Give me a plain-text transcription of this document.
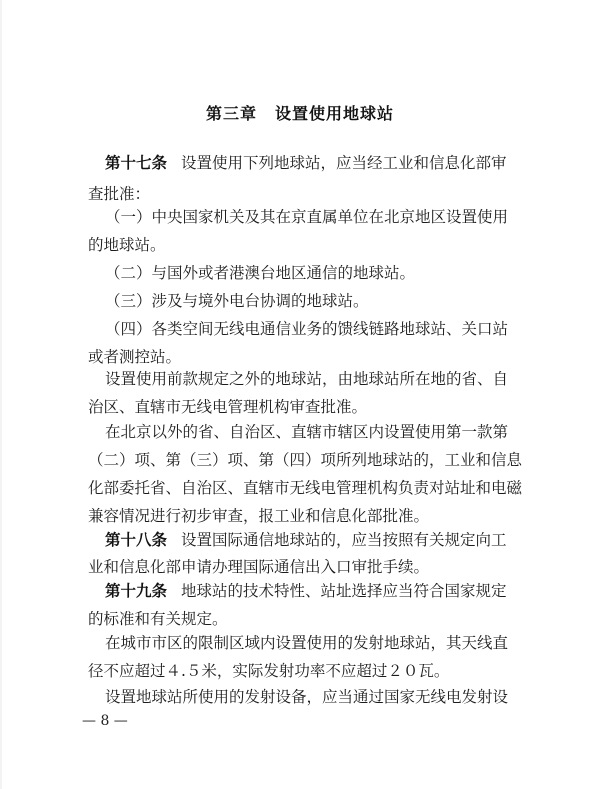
第三章 设置使用地球站
第十七条 设置使用下列地球站，应当经工业和信息化部审
查批准：
（一）中央国家机关及其在京直属单位在北京地区设置使用
的地球站。
（二）与国外或者港澳台地区通信的地球站。
（三）涉及与境外电台协调的地球站。
（四）各类空间无线电通信业务的馈线链路地球站、关口站
或者测控站。
设置使用前款规定之外的地球站，由地球站所在地的省、自
治区、直辖市无线电管理机构审查批准。
在北京以外的省、自治区、直辖市辖区内设置使用第一款第
（二）项、第（三）项、第（四）项所列地球站的，工业和信息
化部委托省、自治区、直辖市无线电管理机构负责对站址和电磁
兼容情况进行初步审查，报工业和信息化部批准。
第十八条 设置国际通信地球站的，应当按照有关规定向工
业和信息化部申请办理国际通信出入口审批手续。
第十九条 地球站的技术特性、站址选择应当符合国家规定
的标准和有关规定。
在城市市区的限制区域内设置使用的发射地球站，其天线直
径不应超过４.５米，实际发射功率不应超过２０瓦。
设置地球站所使用的发射设备，应当通过国家无线电发射设
— 8 —
